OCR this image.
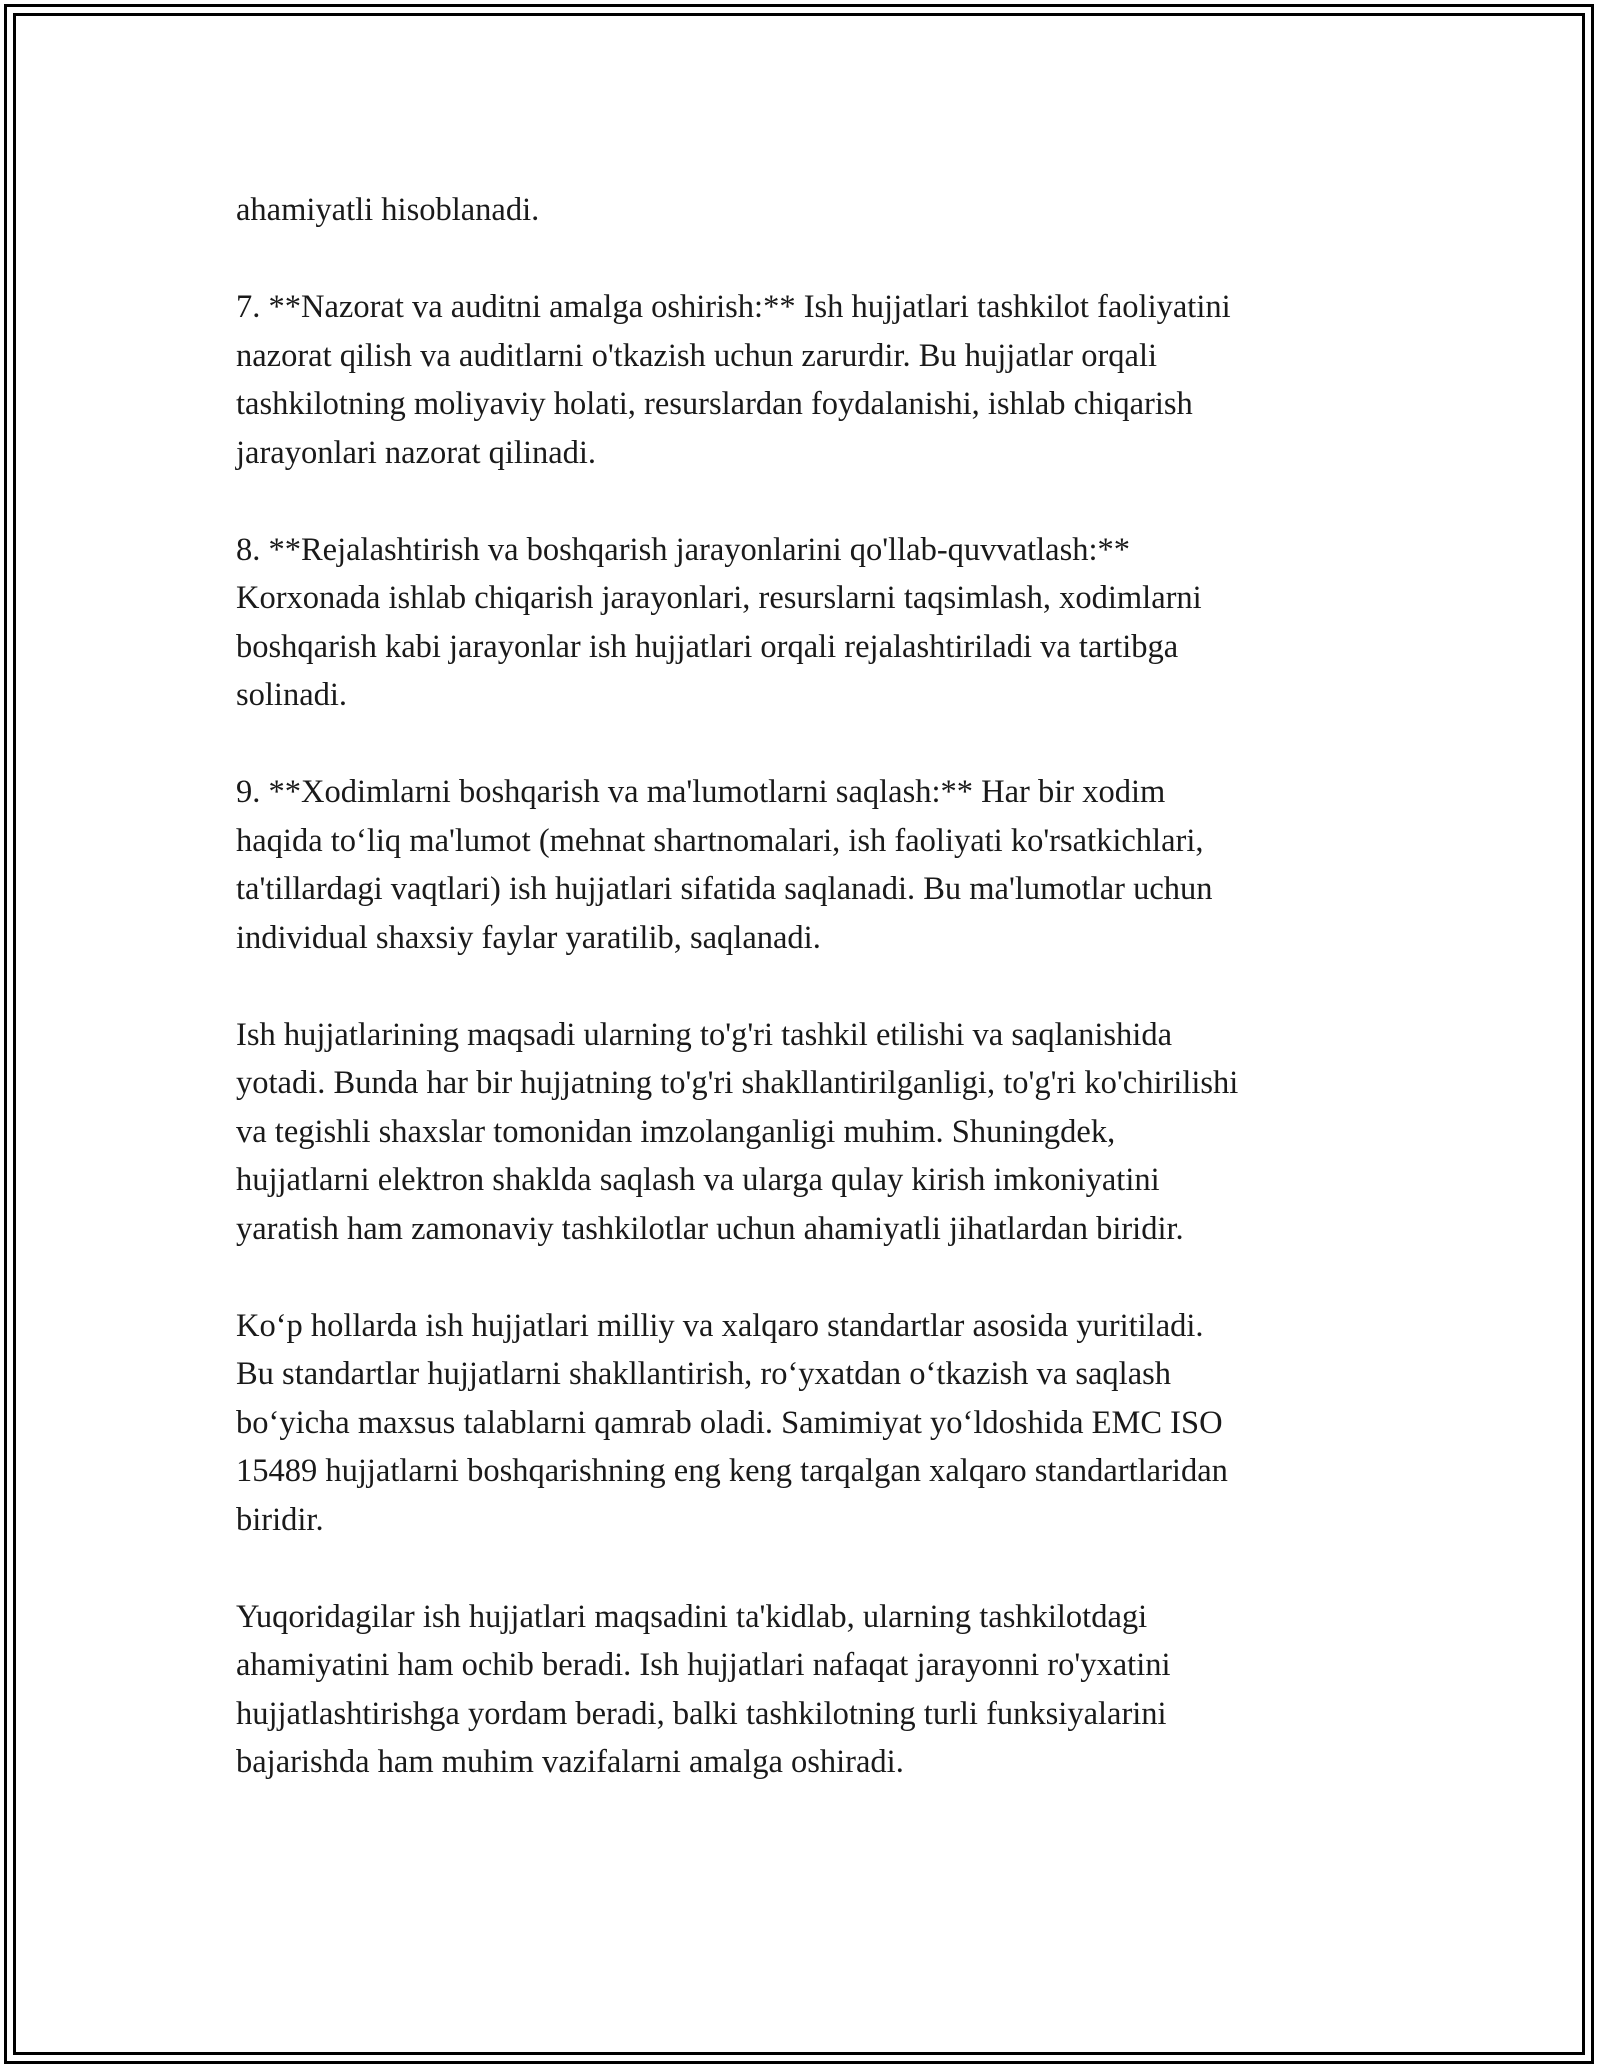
ahamiyatli hisoblanadi.

7. **Nazorat va auditni amalga oshirish:** Ish hujjatlari tashkilot faoliyatini
nazorat qilish va auditlarni o'tkazish uchun zarurdir. Bu hujjatlar orqali
tashkilotning moliyaviy holati, resurslardan foydalanishi, ishlab chiqarish
jarayonlari nazorat qilinadi.

8. **Rejalashtirish va boshqarish jarayonlarini qo'llab-quvvatlash:**
Korxonada ishlab chiqarish jarayonlari, resurslarni taqsimlash, xodimlarni
boshqarish kabi jarayonlar ish hujjatlari orqali rejalashtiriladi va tartibga
solinadi.

9. **Xodimlarni boshqarish va ma'lumotlarni saqlash:** Har bir xodim
haqida to‘liq ma'lumot (mehnat shartnomalari, ish faoliyati ko'rsatkichlari,
ta'tillardagi vaqtlari) ish hujjatlari sifatida saqlanadi. Bu ma'lumotlar uchun
individual shaxsiy faylar yaratilib, saqlanadi.

Ish hujjatlarining maqsadi ularning to'g'ri tashkil etilishi va saqlanishida
yotadi. Bunda har bir hujjatning to'g'ri shakllantirilganligi, to'g'ri ko'chirilishi
va tegishli shaxslar tomonidan imzolanganligi muhim. Shuningdek,
hujjatlarni elektron shaklda saqlash va ularga qulay kirish imkoniyatini
yaratish ham zamonaviy tashkilotlar uchun ahamiyatli jihatlardan biridir.

Ko‘p hollarda ish hujjatlari milliy va xalqaro standartlar asosida yuritiladi.
Bu standartlar hujjatlarni shakllantirish, ro‘yxatdan o‘tkazish va saqlash
bo‘yicha maxsus talablarni qamrab oladi. Samimiyat yo‘ldoshida EMC ISO
15489 hujjatlarni boshqarishning eng keng tarqalgan xalqaro standartlaridan
biridir.

Yuqoridagilar ish hujjatlari maqsadini ta'kidlab, ularning tashkilotdagi
ahamiyatini ham ochib beradi. Ish hujjatlari nafaqat jarayonni ro'yxatini
hujjatlashtirishga yordam beradi, balki tashkilotning turli funksiyalarini
bajarishda ham muhim vazifalarni amalga oshiradi.
